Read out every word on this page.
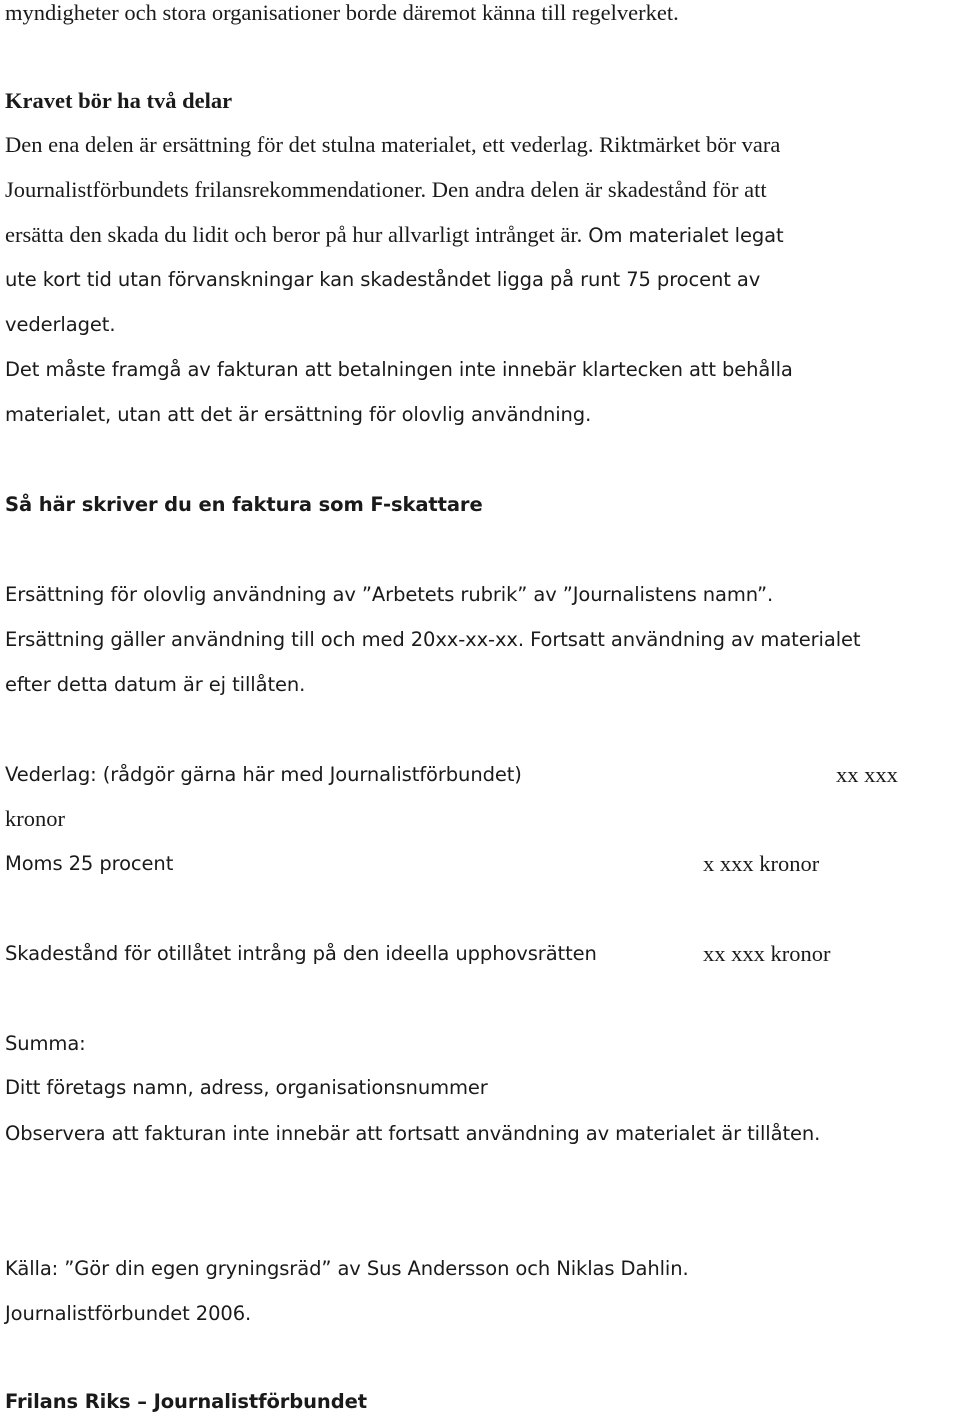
myndigheter och stora organisationer borde däremot känna till regelverket.
Kravet bör ha två delar
Den ena delen är ersättning för det stulna materialet, ett vederlag. Riktmärket bör vara
Journalistförbundets frilansrekommendationer. Den andra delen är skadestånd för att
ersätta den skada du lidit och beror på hur allvarligt intrånget är. Om materialet legat
ute kort tid utan förvanskningar kan skadeståndet ligga på runt 75 procent av
vederlaget.
Det måste framgå av fakturan att betalningen inte innebär klartecken att behålla
materialet, utan att det är ersättning för olovlig användning.
Så här skriver du en faktura som F-skattare
Ersättning för olovlig användning av ”Arbetets rubrik” av ”Journalistens namn”.
Ersättning gäller användning till och med 20xx-xx-xx. Fortsatt användning av materialet
efter detta datum är ej tillåten.
Vederlag: (rådgör gärna här med Journalistförbundet)	xx xxx
kronor
Moms 25 procent	x xxx kronor
Skadestånd för otillåtet intrång på den ideella upphovsrätten	xx xxx kronor
Summa:
Ditt företags namn, adress, organisationsnummer
Observera att fakturan inte innebär att fortsatt användning av materialet är tillåten.
Källa: ”Gör din egen gryningsräd” av Sus Andersson och Niklas Dahlin.
Journalistförbundet 2006.
Frilans Riks – Journalistförbundet
